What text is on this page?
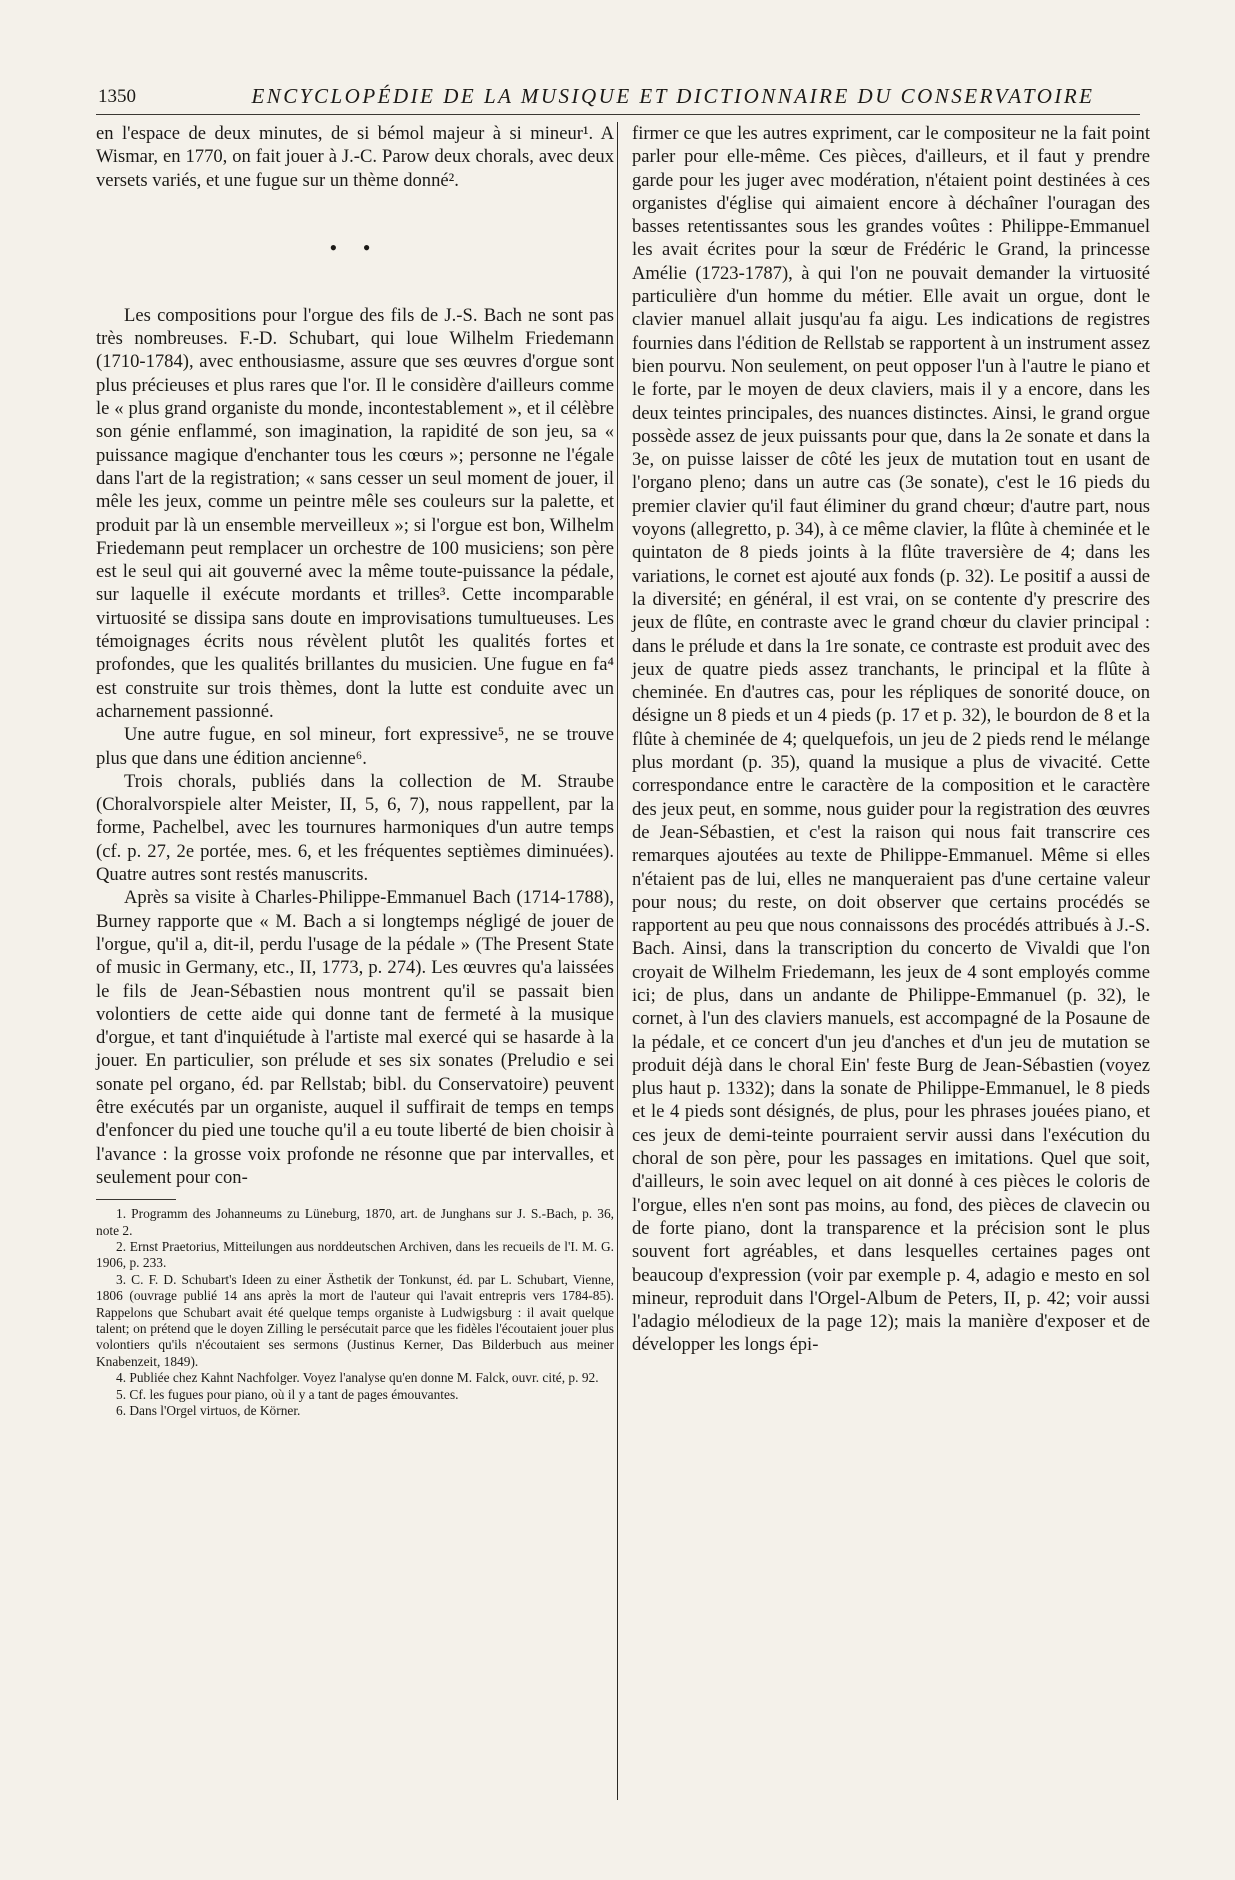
1350	ENCYCLOPÉDIE DE LA MUSIQUE ET DICTIONNAIRE DU CONSERVATOIRE

en l'espace de deux minutes, de si bémol majeur à si mineur¹. A Wismar, en 1770, on fait jouer à J.-C. Parow deux chorals, avec deux versets variés, et une fugue sur un thème donné².

• •

Les compositions pour l'orgue des fils de J.-S. Bach ne sont pas très nombreuses. F.-D. Schubart, qui loue Wilhelm Friedemann (1710-1784), avec enthousiasme, assure que ses œuvres d'orgue sont plus précieuses et plus rares que l'or. Il le considère d'ailleurs comme le « plus grand organiste du monde, incontestablement », et il célèbre son génie enflammé, son imagination, la rapidité de son jeu, sa « puissance magique d'enchanter tous les cœurs »; personne ne l'égale dans l'art de la registration; « sans cesser un seul moment de jouer, il mêle les jeux, comme un peintre mêle ses couleurs sur la palette, et produit par là un ensemble merveilleux »; si l'orgue est bon, Wilhelm Friedemann peut remplacer un orchestre de 100 musiciens; son père est le seul qui ait gouverné avec la même toute-puissance la pédale, sur laquelle il exécute mordants et trilles³. Cette incomparable virtuosité se dissipa sans doute en improvisations tumultueuses. Les témoignages écrits nous révèlent plutôt les qualités fortes et profondes, que les qualités brillantes du musicien. Une fugue en fa⁴ est construite sur trois thèmes, dont la lutte est conduite avec un acharnement passionné.

Une autre fugue, en sol mineur, fort expressive⁵, ne se trouve plus que dans une édition ancienne⁶.

Trois chorals, publiés dans la collection de M. Straube (Choralvorspiele alter Meister, II, 5, 6, 7), nous rappellent, par la forme, Pachelbel, avec les tournures harmoniques d'un autre temps (cf. p. 27, 2e portée, mes. 6, et les fréquentes septièmes diminuées). Quatre autres sont restés manuscrits.

Après sa visite à Charles-Philippe-Emmanuel Bach (1714-1788), Burney rapporte que « M. Bach a si longtemps négligé de jouer de l'orgue, qu'il a, dit-il, perdu l'usage de la pédale » (The Present State of music in Germany, etc., II, 1773, p. 274). Les œuvres qu'a laissées le fils de Jean-Sébastien nous montrent qu'il se passait bien volontiers de cette aide qui donne tant de fermeté à la musique d'orgue, et tant d'inquiétude à l'artiste mal exercé qui se hasarde à la jouer. En particulier, son prélude et ses six sonates (Preludio e sei sonate pel organo, éd. par Rellstab; bibl. du Conservatoire) peuvent être exécutés par un organiste, auquel il suffirait de temps en temps d'enfoncer du pied une touche qu'il a eu toute liberté de bien choisir à l'avance : la grosse voix profonde ne résonne que par intervalles, et seulement pour con-

1. Programm des Johanneums zu Lüneburg, 1870, art. de Junghans sur J. S.-Bach, p. 36, note 2.

2. Ernst Praetorius, Mitteilungen aus norddeutschen Archiven, dans les recueils de l'I. M. G. 1906, p. 233.

3. C. F. D. Schubart's Ideen zu einer Ästhetik der Tonkunst, éd. par L. Schubart, Vienne, 1806 (ouvrage publié 14 ans après la mort de l'auteur qui l'avait entrepris vers 1784-85). Rappelons que Schubart avait été quelque temps organiste à Ludwigsburg : il avait quelque talent; on prétend que le doyen Zilling le persécutait parce que les fidèles l'écoutaient jouer plus volontiers qu'ils n'écoutaient ses sermons (Justinus Kerner, Das Bilderbuch aus meiner Knabenzeit, 1849).

4. Publiée chez Kahnt Nachfolger. Voyez l'analyse qu'en donne M. Falck, ouvr. cité, p. 92.

5. Cf. les fugues pour piano, où il y a tant de pages émouvantes.

6. Dans l'Orgel virtuos, de Körner.

firmer ce que les autres expriment, car le compositeur ne la fait point parler pour elle-même. Ces pièces, d'ailleurs, et il faut y prendre garde pour les juger avec modération, n'étaient point destinées à ces organistes d'église qui aimaient encore à déchaîner l'ouragan des basses retentissantes sous les grandes voûtes : Philippe-Emmanuel les avait écrites pour la sœur de Frédéric le Grand, la princesse Amélie (1723-1787), à qui l'on ne pouvait demander la virtuosité particulière d'un homme du métier. Elle avait un orgue, dont le clavier manuel allait jusqu'au fa aigu. Les indications de registres fournies dans l'édition de Rellstab se rapportent à un instrument assez bien pourvu. Non seulement, on peut opposer l'un à l'autre le piano et le forte, par le moyen de deux claviers, mais il y a encore, dans les deux teintes principales, des nuances distinctes. Ainsi, le grand orgue possède assez de jeux puissants pour que, dans la 2e sonate et dans la 3e, on puisse laisser de côté les jeux de mutation tout en usant de l'organo pleno; dans un autre cas (3e sonate), c'est le 16 pieds du premier clavier qu'il faut éliminer du grand chœur; d'autre part, nous voyons (allegretto, p. 34), à ce même clavier, la flûte à cheminée et le quintaton de 8 pieds joints à la flûte traversière de 4; dans les variations, le cornet est ajouté aux fonds (p. 32). Le positif a aussi de la diversité; en général, il est vrai, on se contente d'y prescrire des jeux de flûte, en contraste avec le grand chœur du clavier principal : dans le prélude et dans la 1re sonate, ce contraste est produit avec des jeux de quatre pieds assez tranchants, le principal et la flûte à cheminée. En d'autres cas, pour les répliques de sonorité douce, on désigne un 8 pieds et un 4 pieds (p. 17 et p. 32), le bourdon de 8 et la flûte à cheminée de 4; quelquefois, un jeu de 2 pieds rend le mélange plus mordant (p. 35), quand la musique a plus de vivacité. Cette correspondance entre le caractère de la composition et le caractère des jeux peut, en somme, nous guider pour la registration des œuvres de Jean-Sébastien, et c'est la raison qui nous fait transcrire ces remarques ajoutées au texte de Philippe-Emmanuel. Même si elles n'étaient pas de lui, elles ne manqueraient pas d'une certaine valeur pour nous; du reste, on doit observer que certains procédés se rapportent au peu que nous connaissons des procédés attribués à J.-S. Bach. Ainsi, dans la transcription du concerto de Vivaldi que l'on croyait de Wilhelm Friedemann, les jeux de 4 sont employés comme ici; de plus, dans un andante de Philippe-Emmanuel (p. 32), le cornet, à l'un des claviers manuels, est accompagné de la Posaune de la pédale, et ce concert d'un jeu d'anches et d'un jeu de mutation se produit déjà dans le choral Ein' feste Burg de Jean-Sébastien (voyez plus haut p. 1332); dans la sonate de Philippe-Emmanuel, le 8 pieds et le 4 pieds sont désignés, de plus, pour les phrases jouées piano, et ces jeux de demi-teinte pourraient servir aussi dans l'exécution du choral de son père, pour les passages en imitations. Quel que soit, d'ailleurs, le soin avec lequel on ait donné à ces pièces le coloris de l'orgue, elles n'en sont pas moins, au fond, des pièces de clavecin ou de forte piano, dont la transparence et la précision sont le plus souvent fort agréables, et dans lesquelles certaines pages ont beaucoup d'expression (voir par exemple p. 4, adagio e mesto en sol mineur, reproduit dans l'Orgel-Album de Peters, II, p. 42; voir aussi l'adagio mélodieux de la page 12); mais la manière d'exposer et de développer les longs épi-
